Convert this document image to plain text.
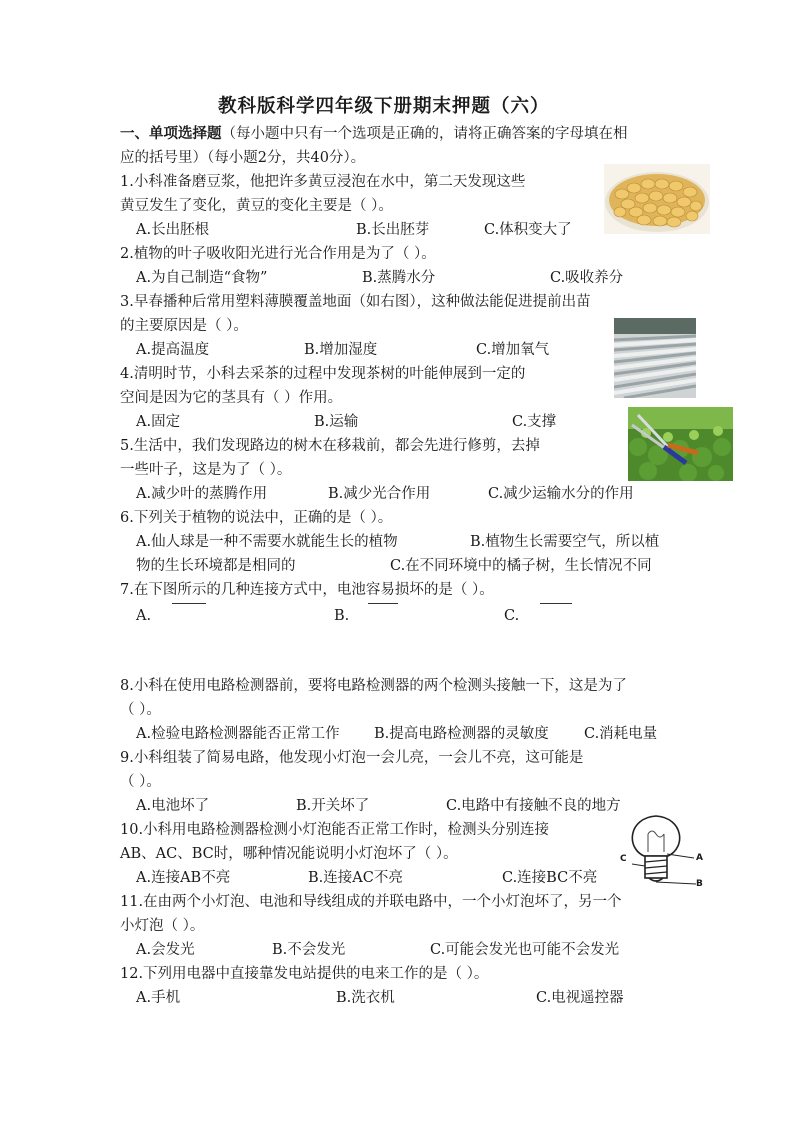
教科版科学四年级下册期末押题（六）
一、单项选择题（每小题中只有一个选项是正确的，请将正确答案的字母填在相
应的括号里）（每小题2分，共40分）。
1.小科准备磨豆浆，他把许多黄豆浸泡在水中，第二天发现这些
黄豆发生了变化，黄豆的变化主要是（ ）。
A.长出胚根	B.长出胚芽	C.体积变大了
2.植物的叶子吸收阳光进行光合作用是为了（ ）。
A.为自己制造“食物”	B.蒸腾水分	C.吸收养分
3.早春播种后常用塑料薄膜覆盖地面（如右图），这种做法能促进提前出苗
的主要原因是（ ）。
A.提高温度	B.增加湿度	C.增加氧气
4.清明时节，小科去采茶的过程中发现茶树的叶能伸展到一定的
空间是因为它的茎具有（ ）作用。
A.固定	B.运输	C.支撑
5.生活中，我们发现路边的树木在移栽前，都会先进行修剪，去掉
一些叶子，这是为了（ ）。
A.减少叶的蒸腾作用	B.减少光合作用	C.减少运输水分的作用
6.下列关于植物的说法中，正确的是（ ）。
A.仙人球是一种不需要水就能生长的植物	B.植物生长需要空气，所以植
物的生长环境都是相同的	C.在不同环境中的橘子树，生长情况不同
7.在下图所示的几种连接方式中，电池容易损坏的是（ ）。
A.	B.	C.
8.小科在使用电路检测器前，要将电路检测器的两个检测头接触一下，这是为了
（ ）。
A.检验电路检测器能否正常工作 B.提高电路检测器的灵敏度 C.消耗电量
9.小科组装了简易电路，他发现小灯泡一会儿亮，一会儿不亮，这可能是
（ ）。
A.电池坏了	B.开关坏了	C.电路中有接触不良的地方
10.小科用电路检测器检测小灯泡能否正常工作时，检测头分别连接
AB、AC、BC时，哪种情况能说明小灯泡坏了（ ）。
A.连接AB不亮	B.连接AC不亮	C.连接BC不亮
C	A
B
11.在由两个小灯泡、电池和导线组成的并联电路中，一个小灯泡坏了，另一个
小灯泡（ ）。
A.会发光	B.不会发光	C.可能会发光也可能不会发光
12.下列用电器中直接靠发电站提供的电来工作的是（ ）。
A.手机	B.洗衣机	C.电视遥控器
